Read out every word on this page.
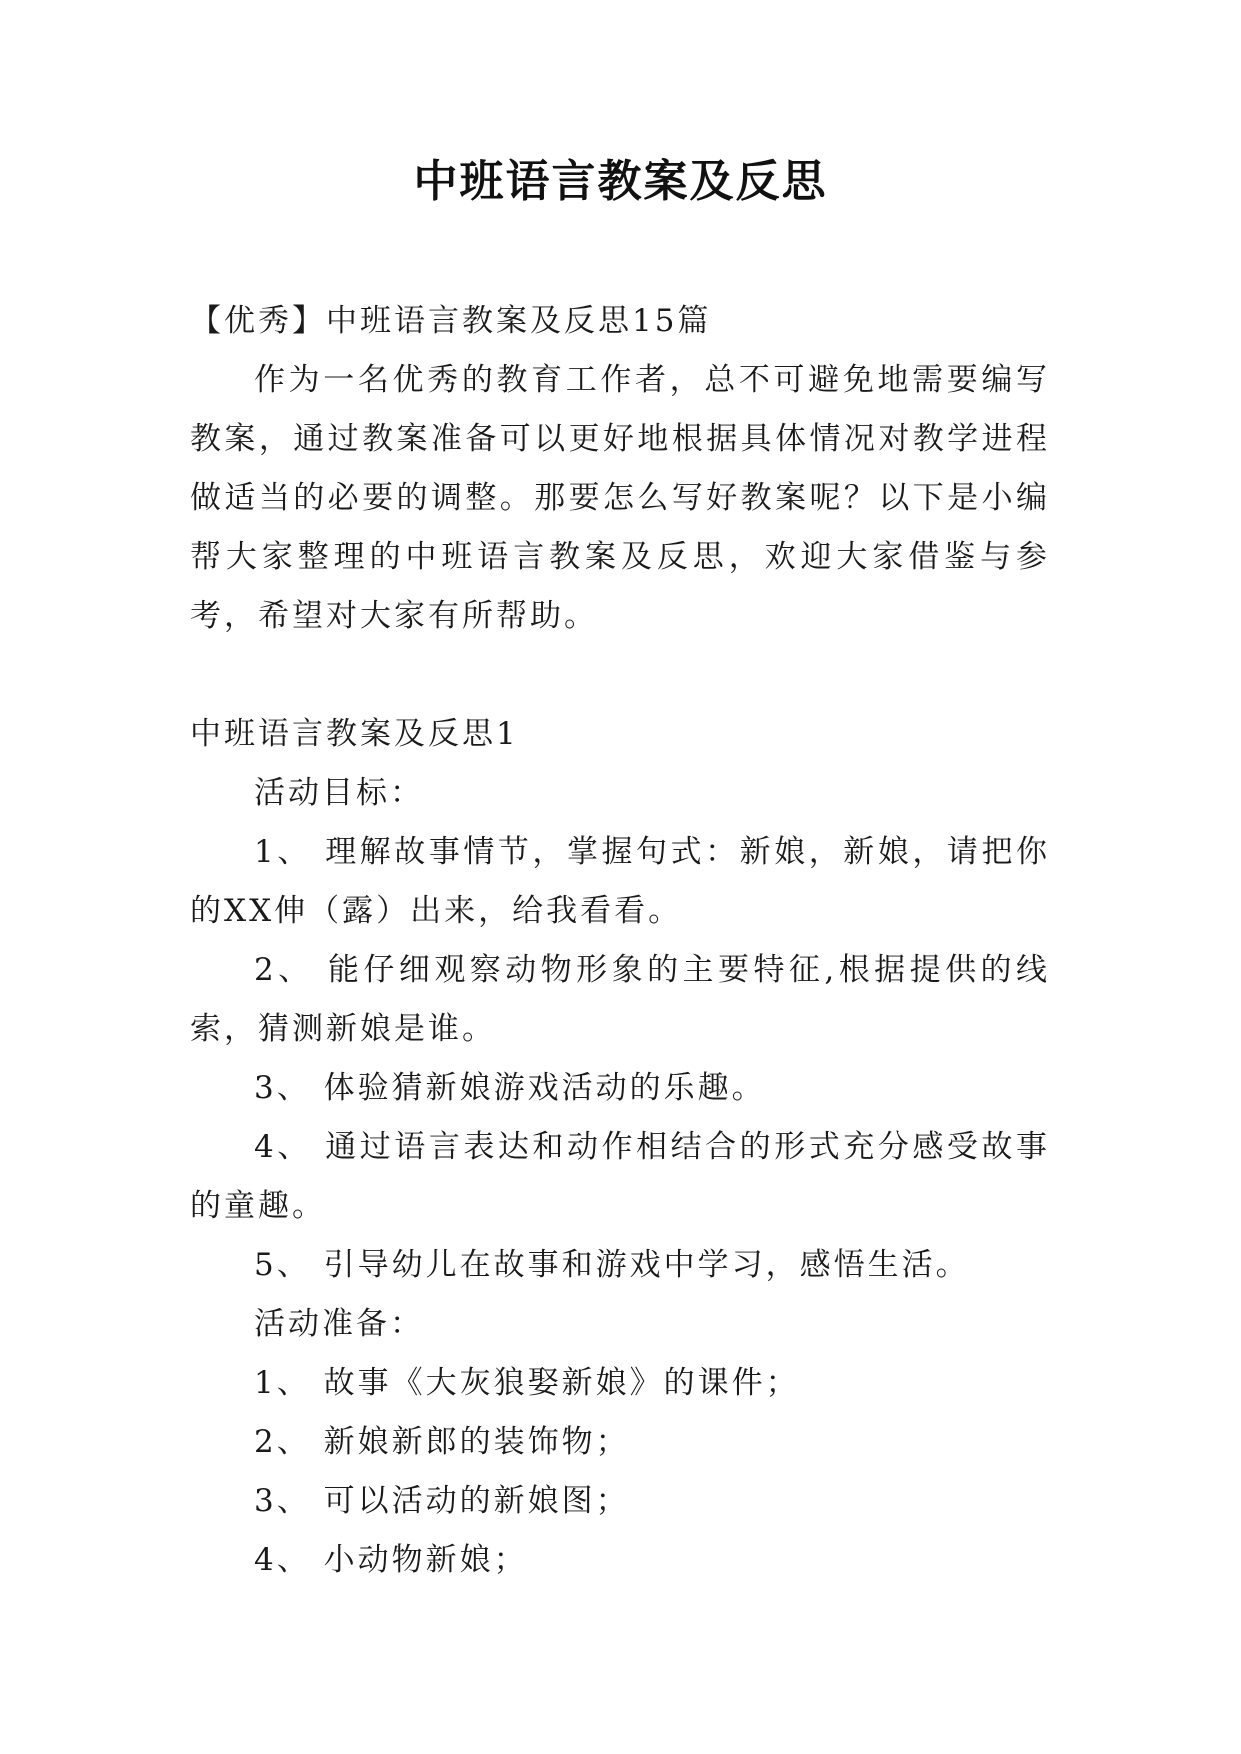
中班语言教案及反思

【优秀】中班语言教案及反思15篇

作为一名优秀的教育工作者，总不可避免地需要编写教案，通过教案准备可以更好地根据具体情况对教学进程做适当的必要的调整。那要怎么写好教案呢？以下是小编帮大家整理的中班语言教案及反思，欢迎大家借鉴与参考，希望对大家有所帮助。

中班语言教案及反思1

活动目标：

1、 理解故事情节，掌握句式：新娘，新娘，请把你的XX伸（露）出来，给我看看。

2、 能仔细观察动物形象的主要特征,根据提供的线索，猜测新娘是谁。

3、 体验猜新娘游戏活动的乐趣。

4、 通过语言表达和动作相结合的形式充分感受故事的童趣。

5、 引导幼儿在故事和游戏中学习，感悟生活。

活动准备：

1、 故事《大灰狼娶新娘》的课件；

2、 新娘新郎的装饰物；

3、 可以活动的新娘图；

4、 小动物新娘；
